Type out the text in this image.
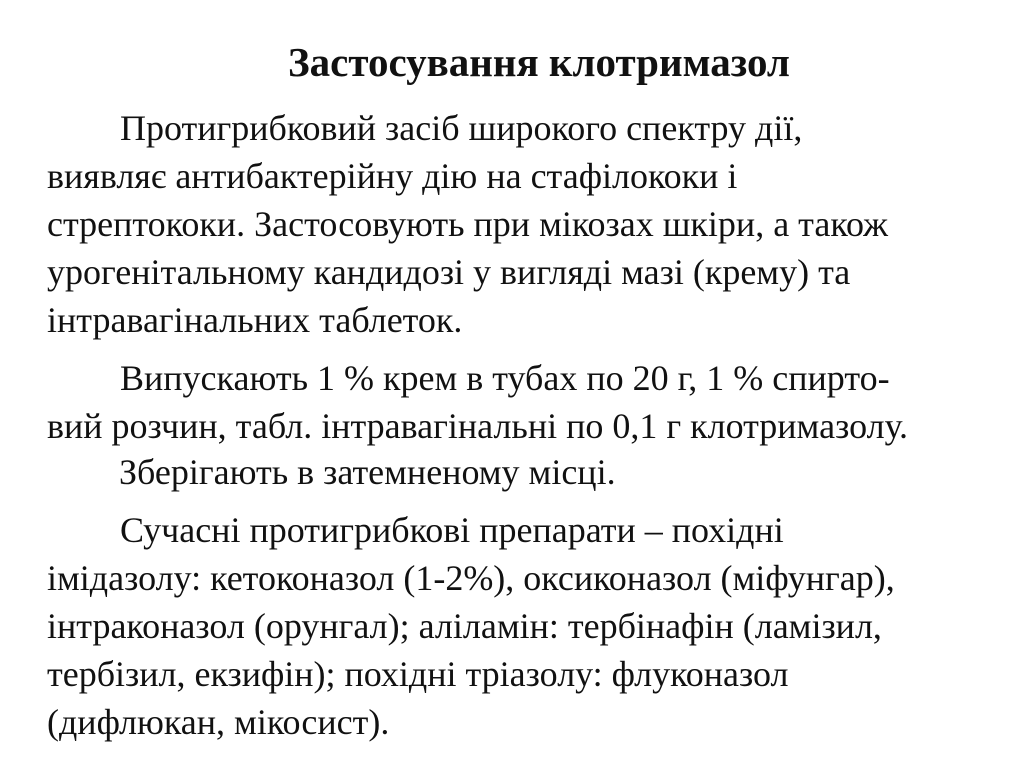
Застосування клотримазол

Протигрибковий засіб широкого спектру дії,

виявляє антибактерійну дію на стафілококи і

стрептококи. Застосовують при мікозах шкіри, а також

урогенітальному кандидозі у вигляді мазі (крему) та

інтравагінальних таблеток.

Випускають 1 % крем в тубах по 20 г, 1 % спирто-

вий розчин, табл. інтравагінальні по 0,1 г клотримазолу.

Зберігають в затемненому місці.

Сучасні протигрибкові препарати – похідні

імідазолу: кетоконазол (1-2%), оксиконазол (міфунгар),

інтраконазол (орунгал); аліламін: тербінафін (ламізил,

тербізил, екзифін); похідні тріазолу: флуконазол

(дифлюкан, мікосист).
